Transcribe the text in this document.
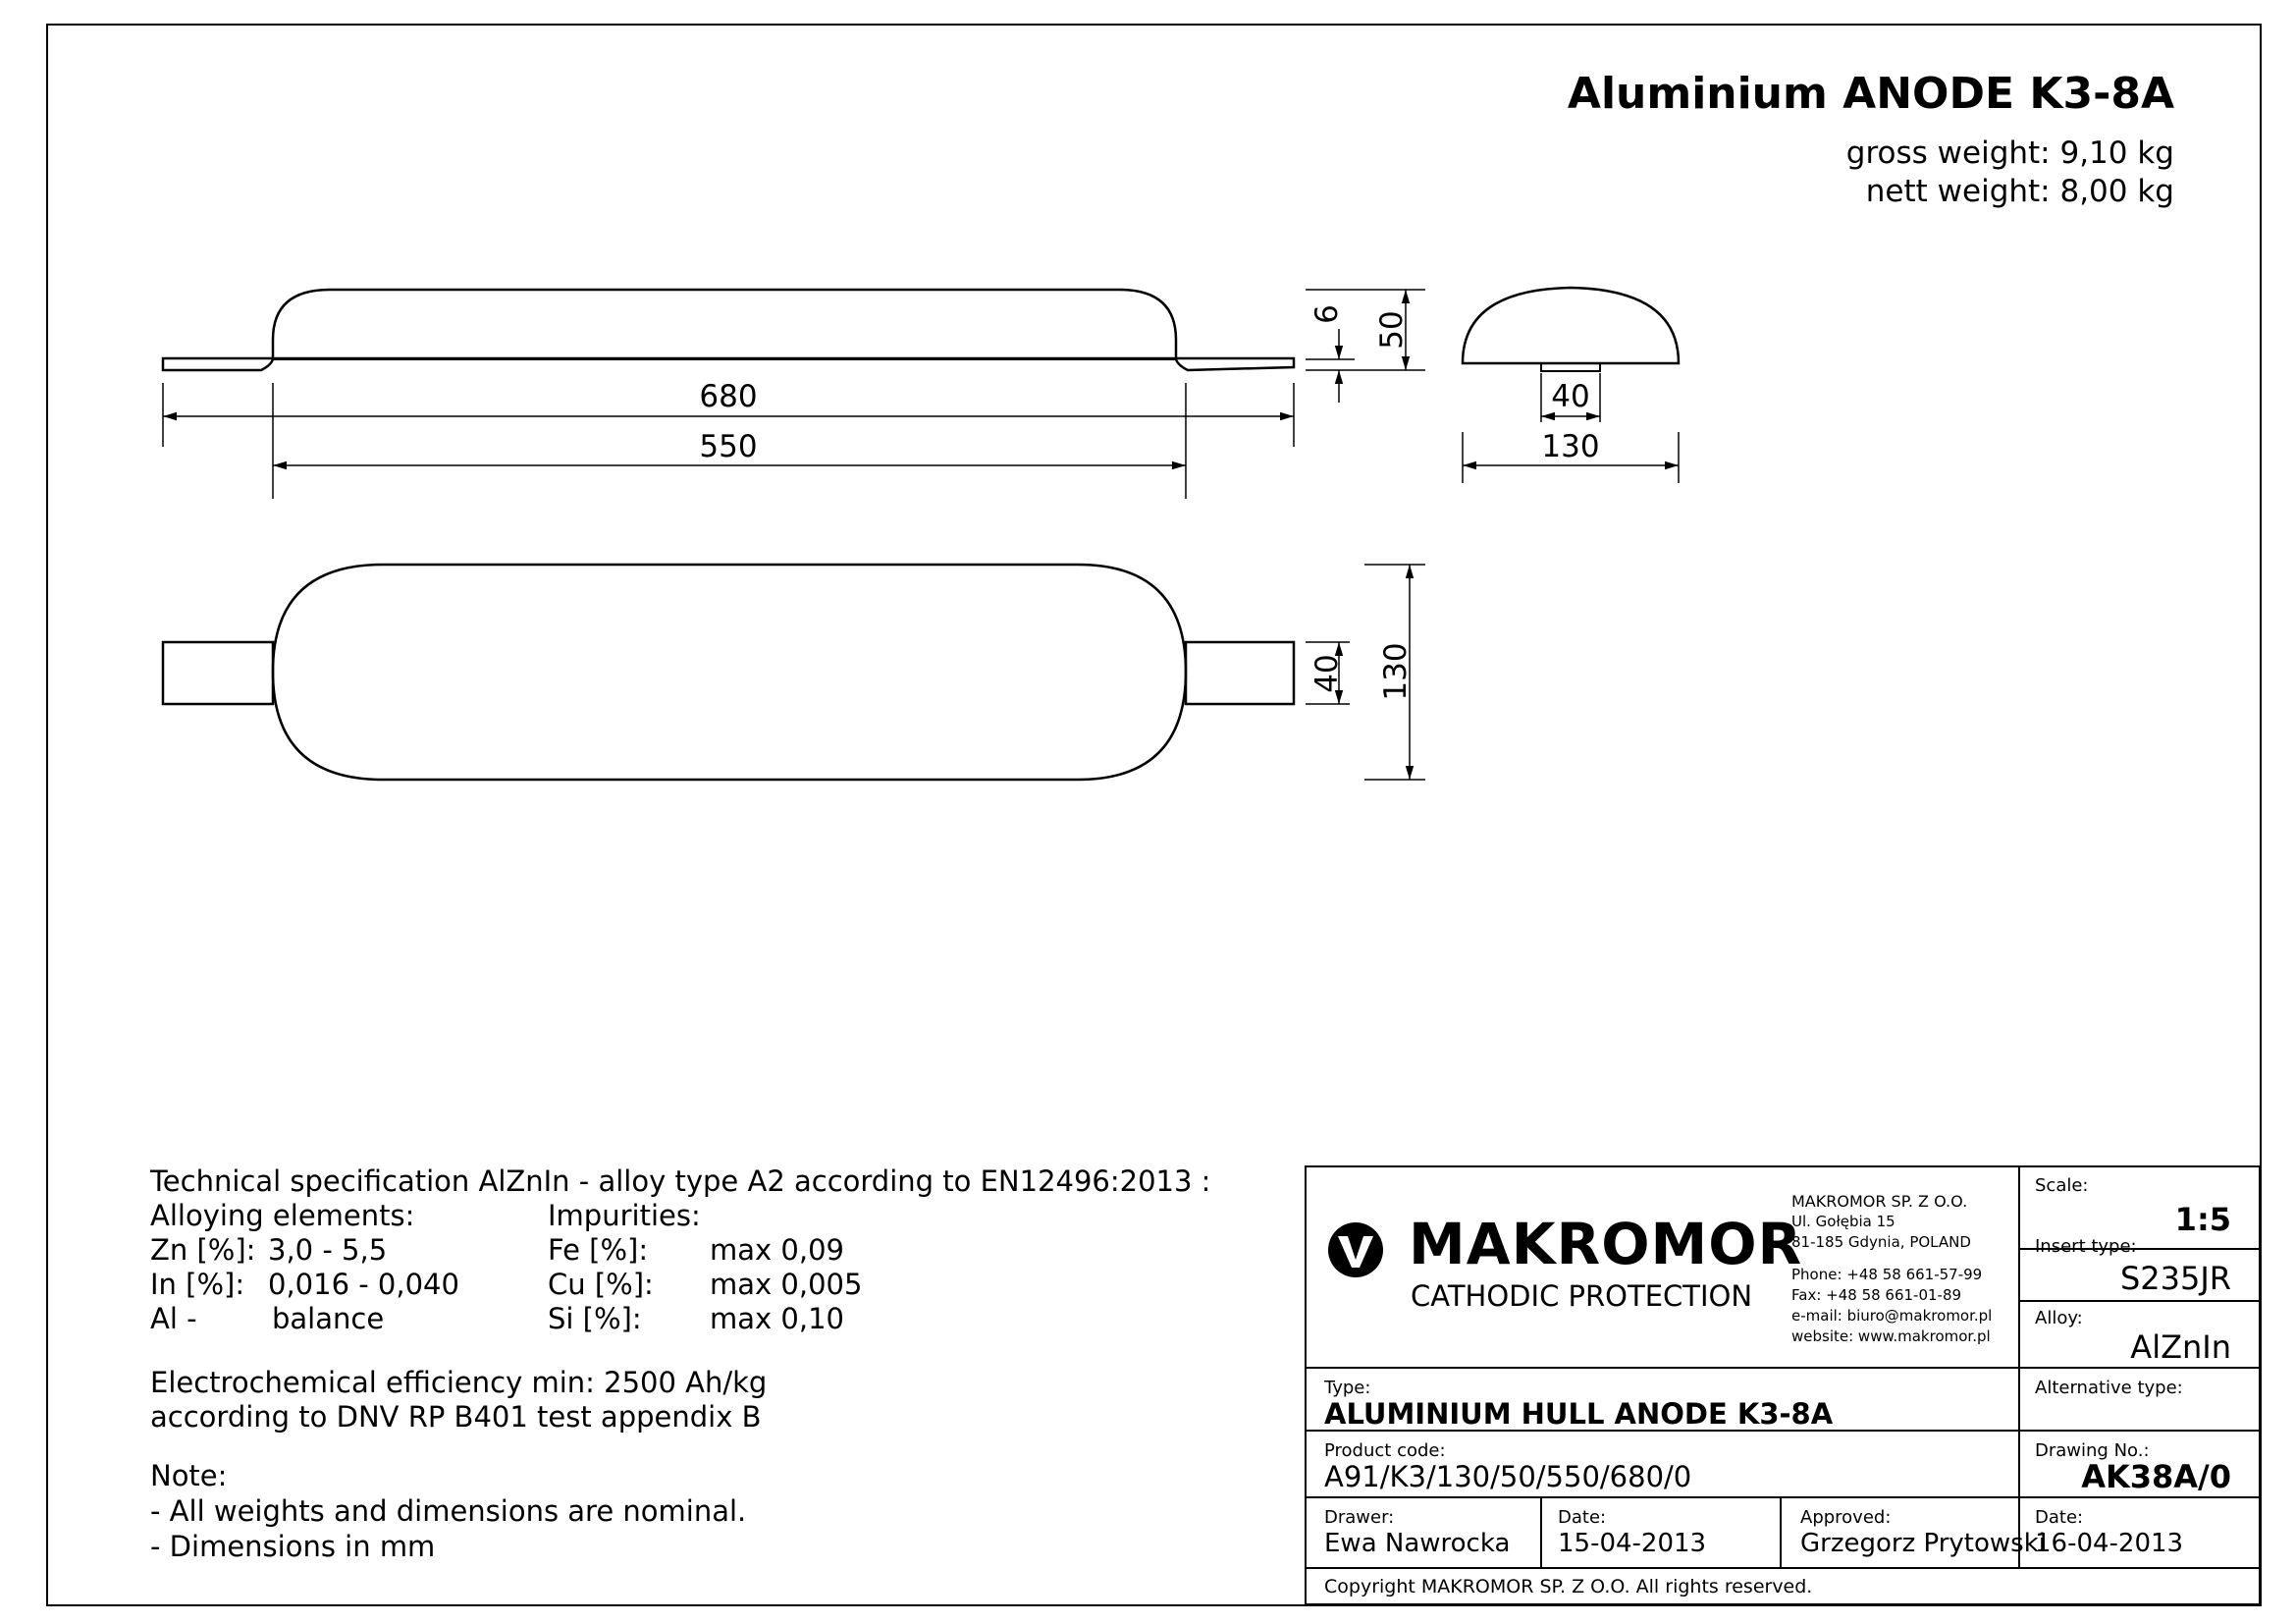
Aluminium ANODE K3-8A
gross weight: 9,10 kg
nett weight: 8,00 kg
680
550
6 50
40
130
40 130
Technical specification AlZnIn - alloy type A2 according to EN12496:2013 :
Alloying elements:	Impurities:
Zn [%]: 3,0 - 5,5	Fe [%]: max 0,09
In [%]: 0,016 - 0,040	Cu [%]: max 0,005
Al -	balance	Si [%]: max 0,10
Electrochemical efficiency min: 2500 Ah/kg
according to DNV RP B401 test appendix B
Note:
- All weights and dimensions are nominal.
- Dimensions in mm
MAKROMOR
CATHODIC PROTECTION
MAKROMOR SP. Z O.O.
Ul. Gołębia 15
81-185 Gdynia, POLAND
Phone: +48 58 661-57-99
Fax: +48 58 661-01-89
e-mail: biuro@makromor.pl
website: www.makromor.pl
Scale:
1:5
Insert type:
S235JR
Alloy:
AlZnIn
Alternative type:
Type:
ALUMINIUM HULL ANODE K3-8A
Product code:
A91/K3/130/50/550/680/0
Drawing No.:
AK38A/0
Drawer:
Ewa Nawrocka
Date:
15-04-2013
Approved:
Grzegorz Prytowski
Date:
16-04-2013
Copyright MAKROMOR SP. Z O.O. All rights reserved.
